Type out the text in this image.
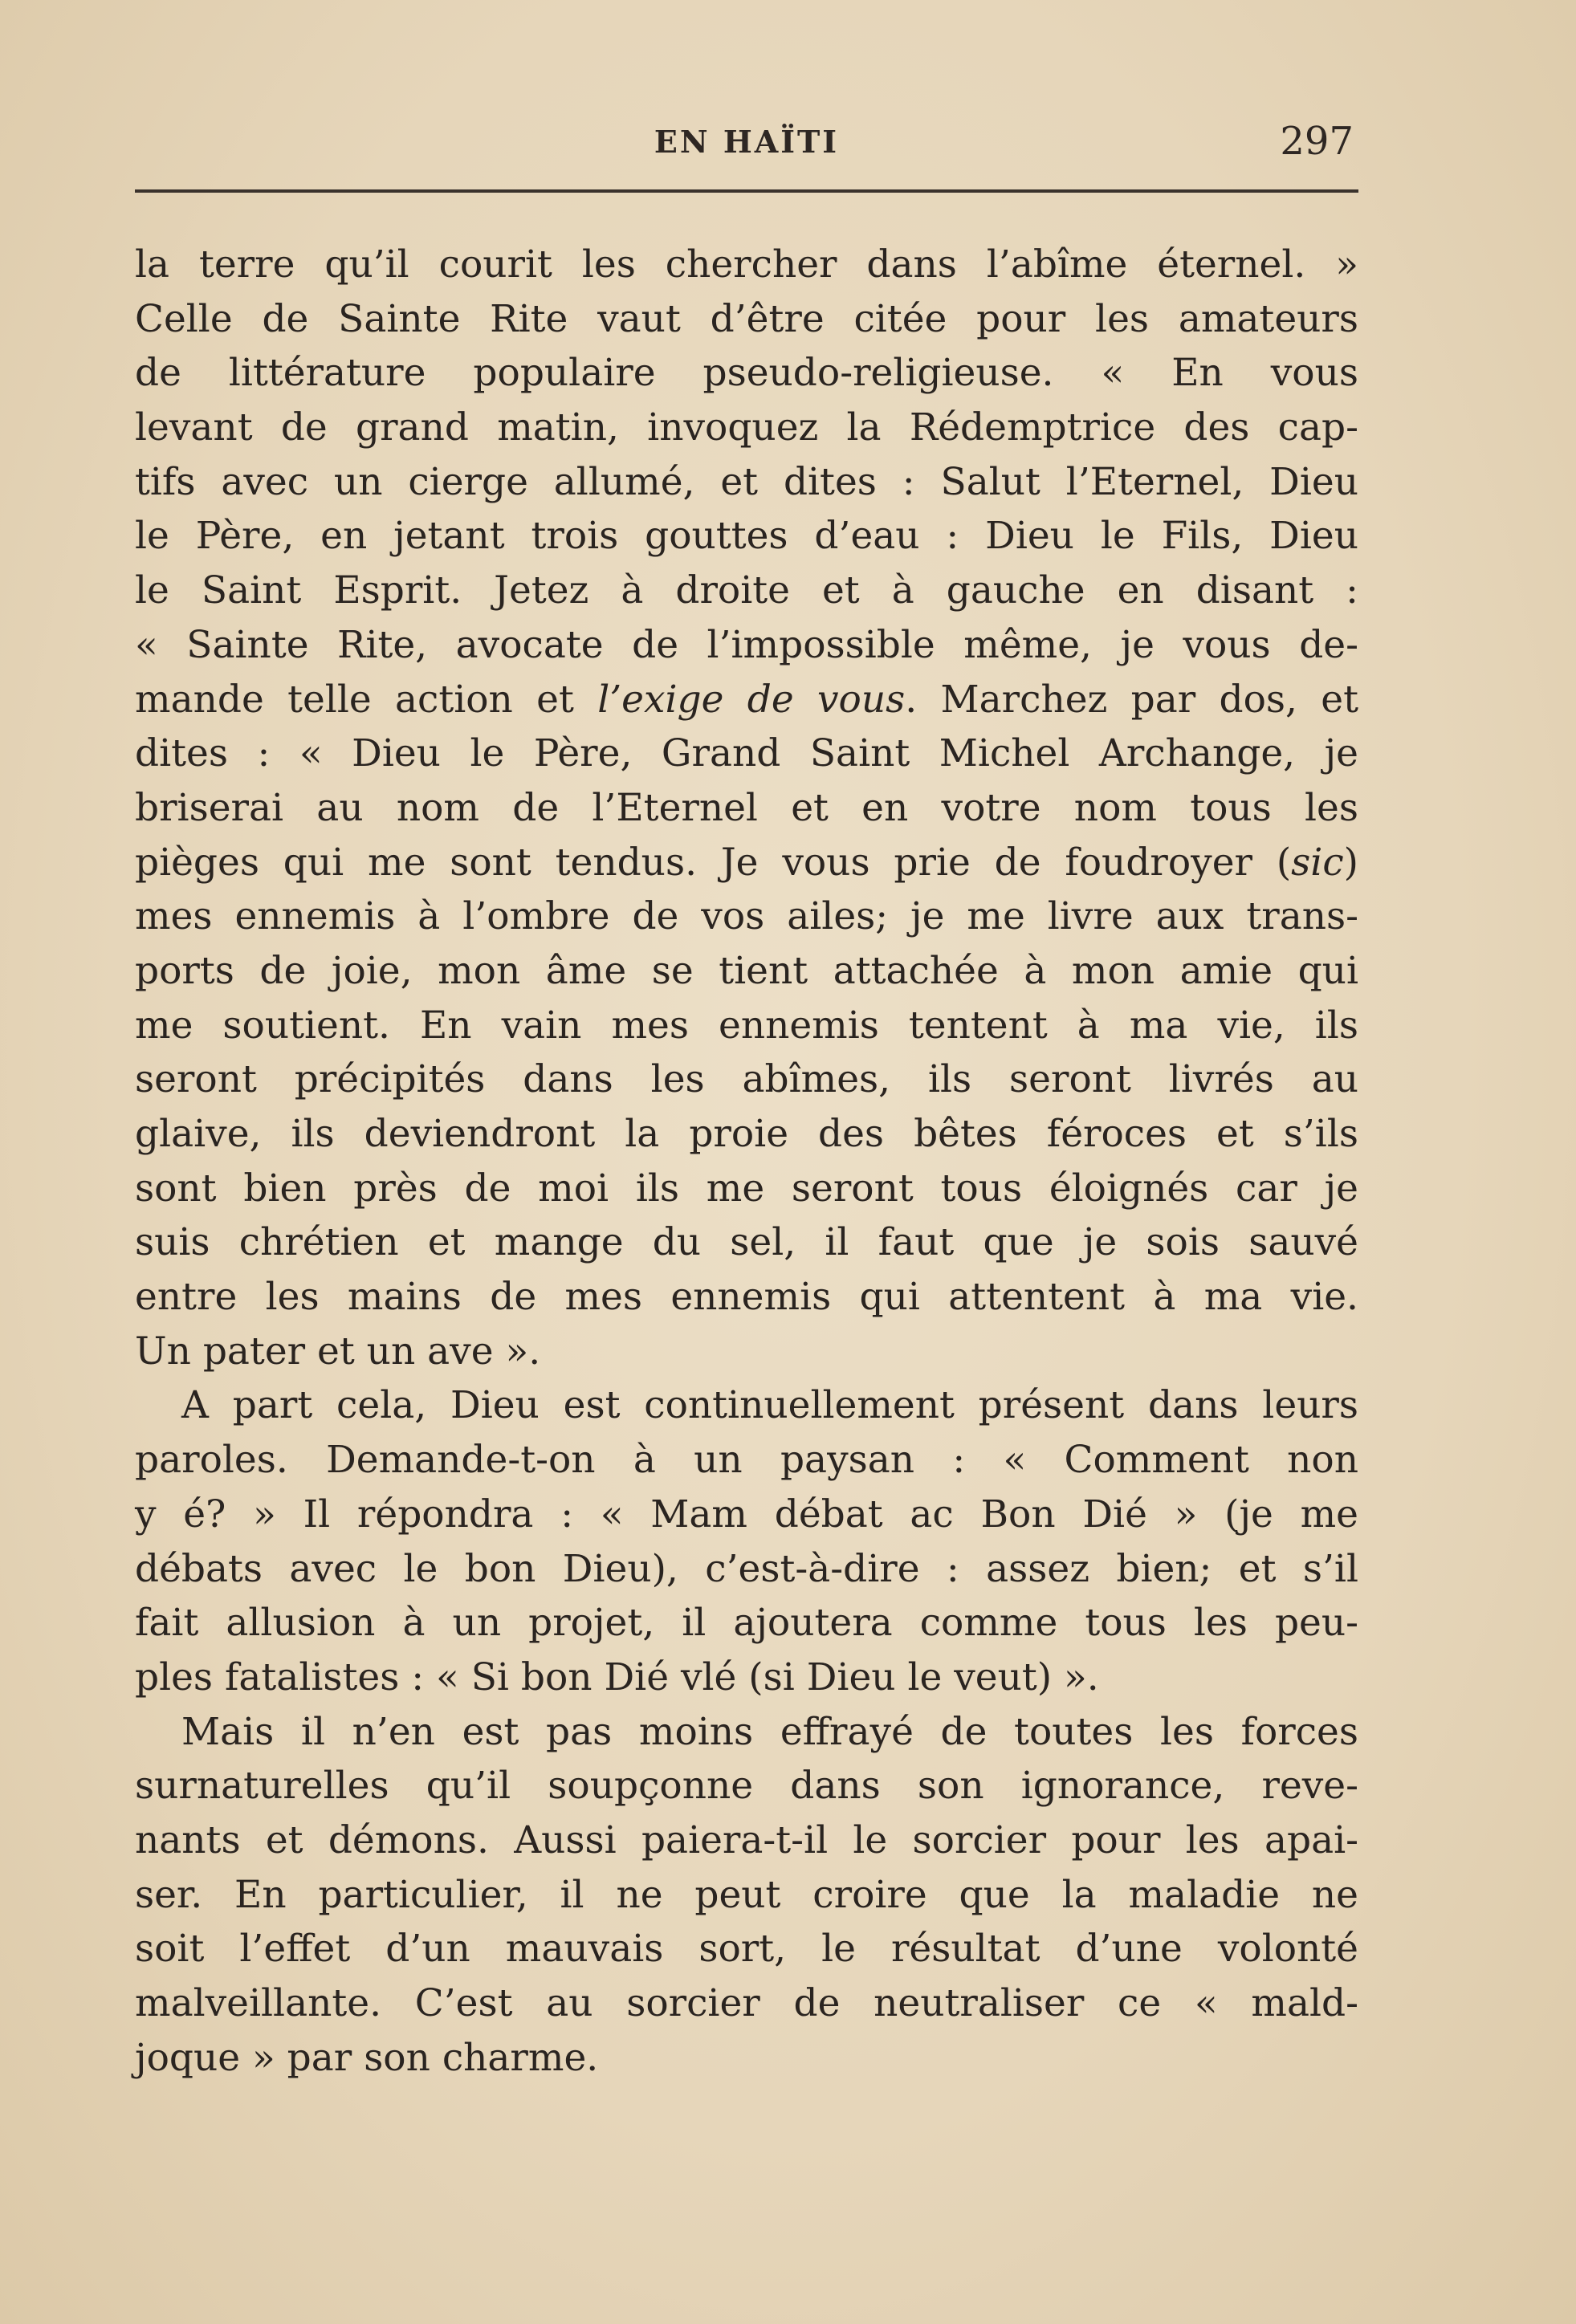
EN HAÏTI	297
la terre qu’il courit les chercher dans l’abîme éternel. »
Celle de Sainte Rite vaut d’être citée pour les amateurs
de littérature populaire pseudo-religieuse. « En vous
levant de grand matin, invoquez la Rédemptrice des cap-
tifs avec un cierge allumé, et dites : Salut l’Eternel, Dieu
le Père, en jetant trois gouttes d’eau : Dieu le Fils, Dieu
le Saint Esprit. Jetez à droite et à gauche en disant :
« Sainte Rite, avocate de l’impossible même, je vous de-
mande telle action et l’exige de vous. Marchez par dos, et
dites : « Dieu le Père, Grand Saint Michel Archange, je
briserai au nom de l’Eternel et en votre nom tous les
pièges qui me sont tendus. Je vous prie de foudroyer (sic)
mes ennemis à l’ombre de vos ailes; je me livre aux trans-
ports de joie, mon âme se tient attachée à mon amie qui
me soutient. En vain mes ennemis tentent à ma vie, ils
seront précipités dans les abîmes, ils seront livrés au
glaive, ils deviendront la proie des bêtes féroces et s’ils
sont bien près de moi ils me seront tous éloignés car je
suis chrétien et mange du sel, il faut que je sois sauvé
entre les mains de mes ennemis qui attentent à ma vie.
Un pater et un ave ».
A part cela, Dieu est continuellement présent dans leurs
paroles. Demande-t-on à un paysan : « Comment non
y é? » Il répondra : « Mam débat ac Bon Dié » (je me
débats avec le bon Dieu), c’est-à-dire : assez bien; et s’il
fait allusion à un projet, il ajoutera comme tous les peu-
ples fatalistes : « Si bon Dié vlé (si Dieu le veut) ».
Mais il n’en est pas moins effrayé de toutes les forces
surnaturelles qu’il soupçonne dans son ignorance, reve-
nants et démons. Aussi paiera-t-il le sorcier pour les apai-
ser. En particulier, il ne peut croire que la maladie ne
soit l’effet d’un mauvais sort, le résultat d’une volonté
malveillante. C’est au sorcier de neutraliser ce « mald-
joque » par son charme.
